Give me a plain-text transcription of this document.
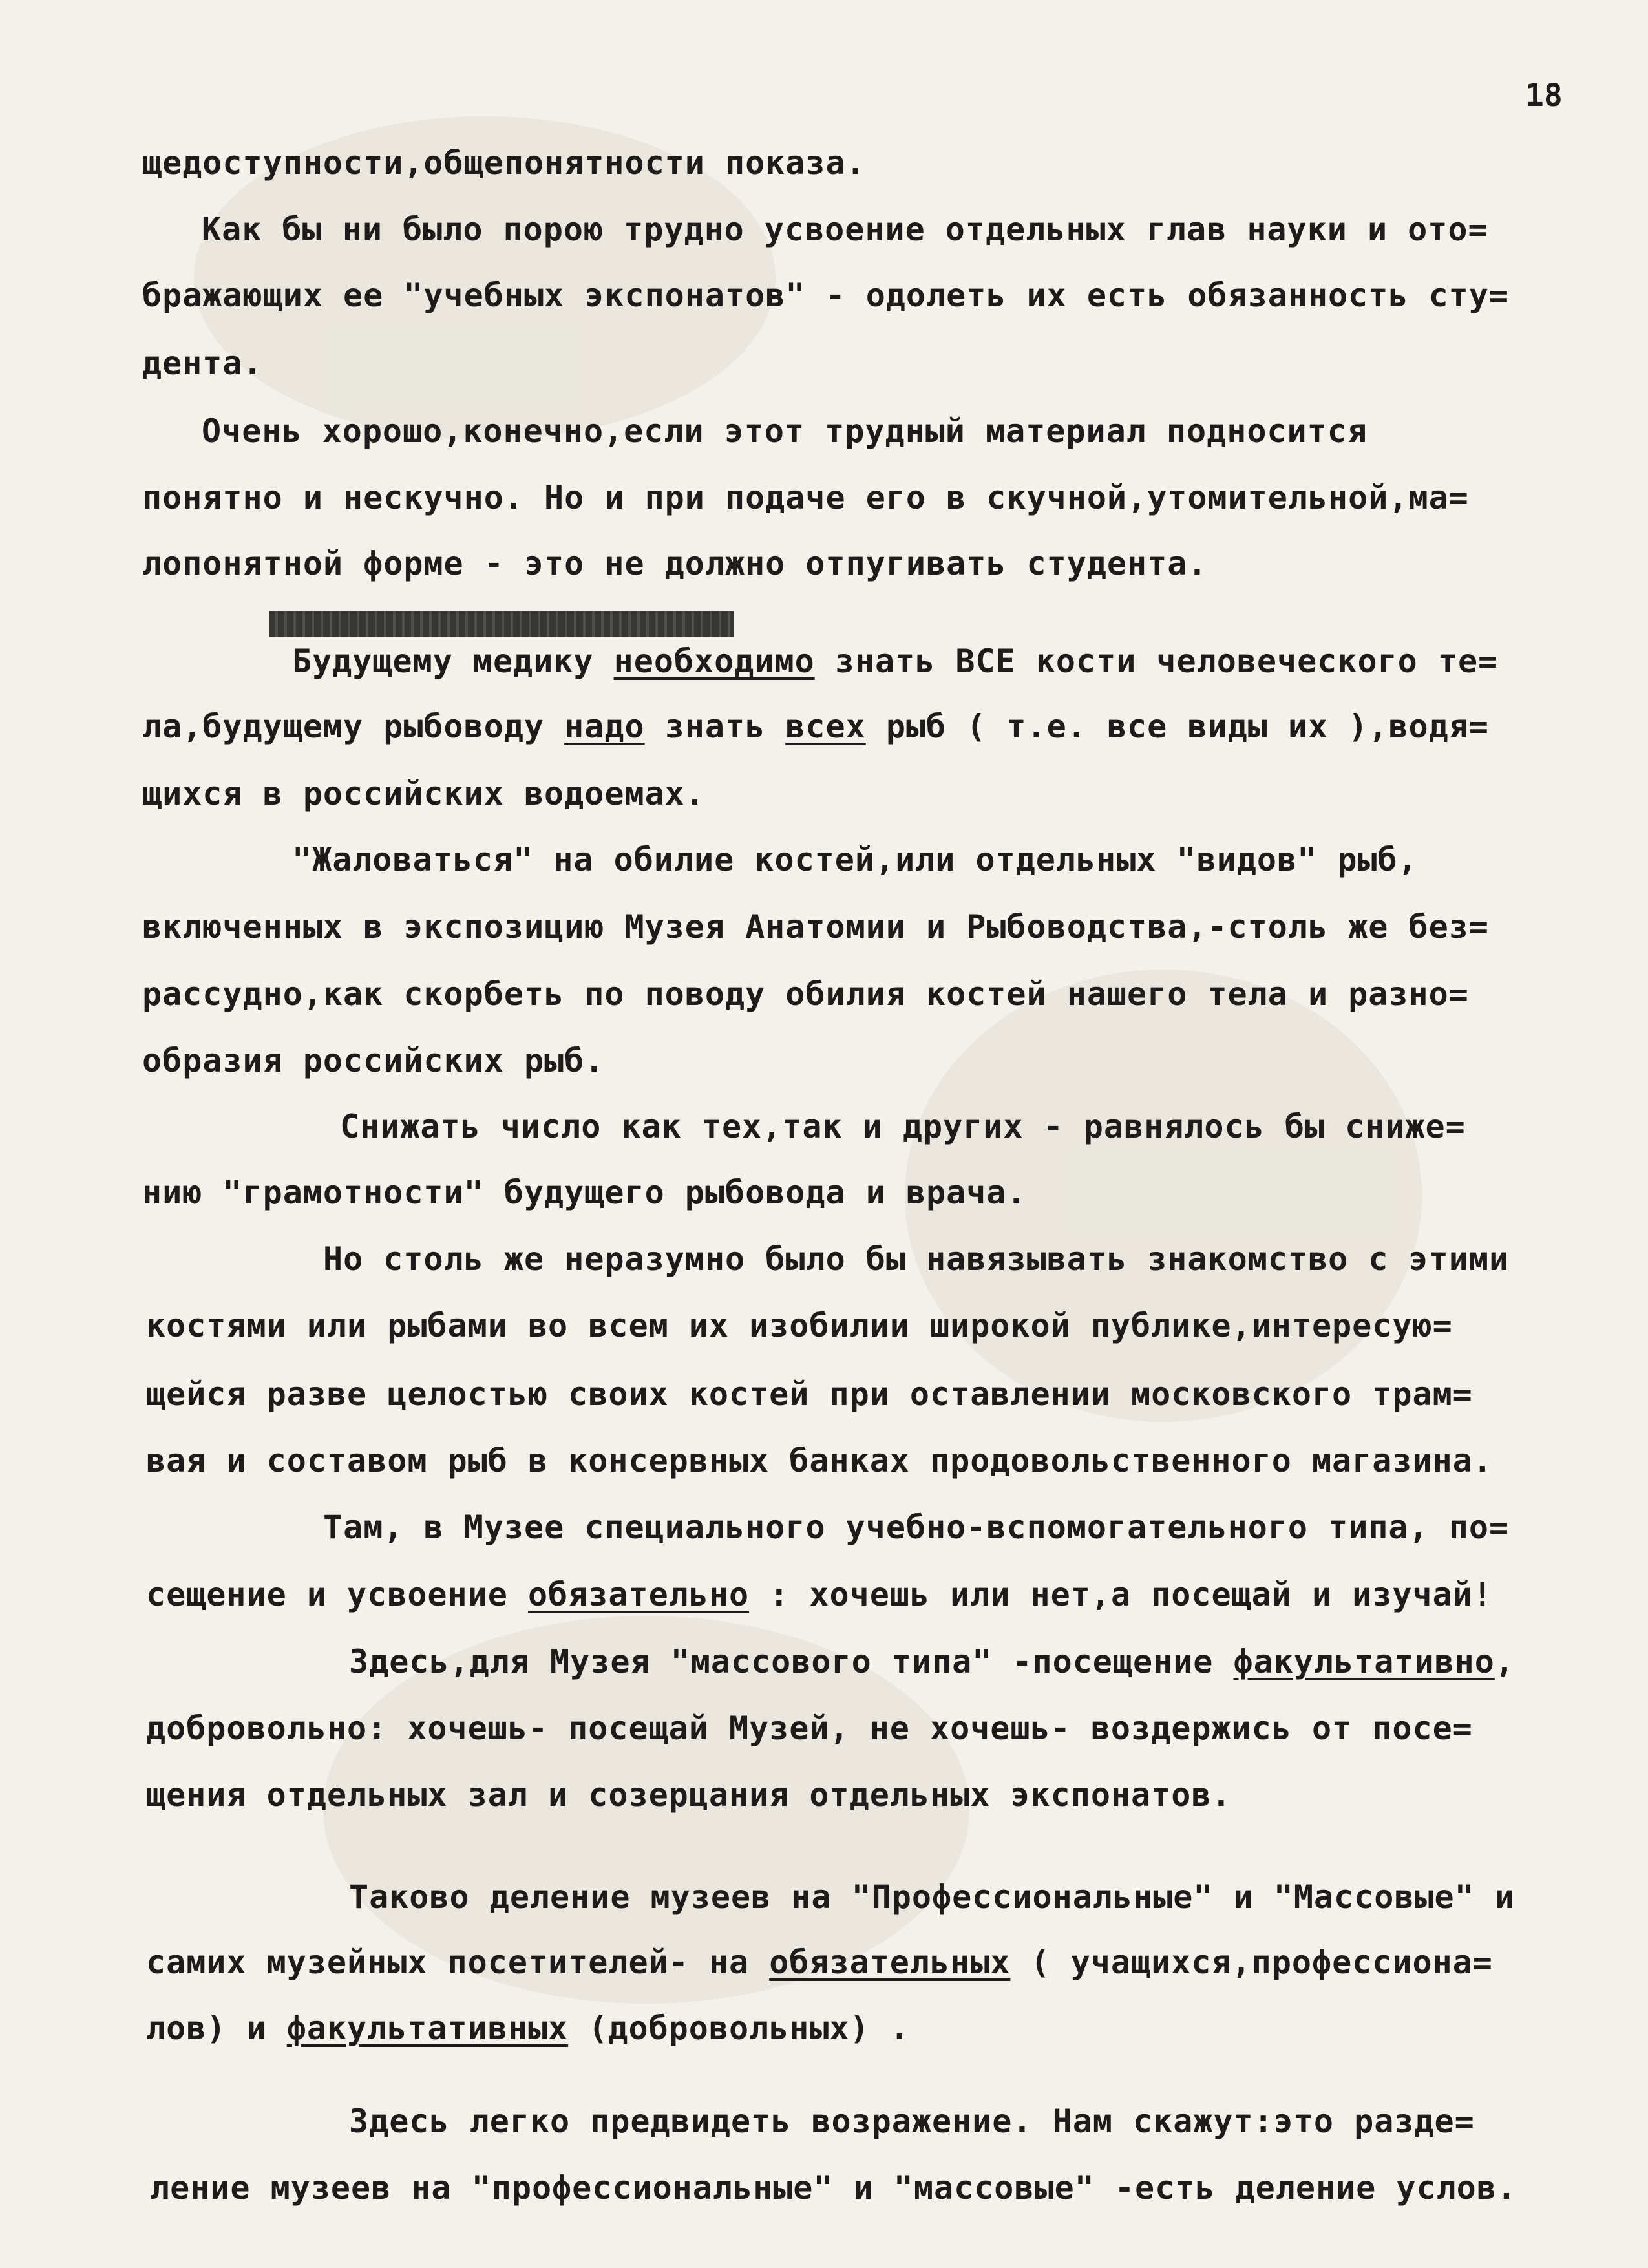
18
щедоступности,общепонятности показа.
Как бы ни было порою трудно усвоение отдельных глав науки и ото=
бражающих ее "учебных экспонатов" - одолеть их есть обязанность сту=
дента.
Очень хорошо,конечно,если этот трудный материал подносится
понятно и нескучно. Но и при подаче его в скучной,утомительной,ма=
лопонятной форме - это не должно отпугивать студента.
Будущему медику необходимо знать ВСЕ кости человеческого те=
ла,будущему рыбоводу надо знать всех рыб ( т.е. все виды их ),водя=
щихся в российских водоемах.
"Жаловаться" на обилие костей,или отдельных "видов" рыб,
включенных в экспозицию Музея Анатомии и Рыбоводства,-столь же без=
рассудно,как скорбеть по поводу обилия костей нашего тела и разно=
образия российских рыб.
Снижать число как тех,так и других - равнялось бы сниже=
нию "грамотности" будущего рыбовода и врача.
Но столь же неразумно было бы навязывать знакомство с этими
костями или рыбами во всем их изобилии широкой публике,интересую=
щейся разве целостью своих костей при оставлении московского трам=
вая и составом рыб в консервных банках продовольственного магазина.
Там, в Музее специального учебно-вспомогательного типа, по=
сещение и усвоение обязательно : хочешь или нет,а посещай и изучай!
Здесь,для Музея "массового типа" -посещение факультативно,
добровольно: хочешь- посещай Музей, не хочешь- воздержись от посе=
щения отдельных зал и созерцания отдельных экспонатов.
Таково деление музеев на "Профессиональные" и "Массовые" и
самих музейных посетителей- на обязательных ( учащихся,профессиона=
лов) и факультативных (добровольных) .
Здесь легко предвидеть возражение. Нам скажут:это разде=
ление музеев на "профессиональные" и "массовые" -есть деление услов.
